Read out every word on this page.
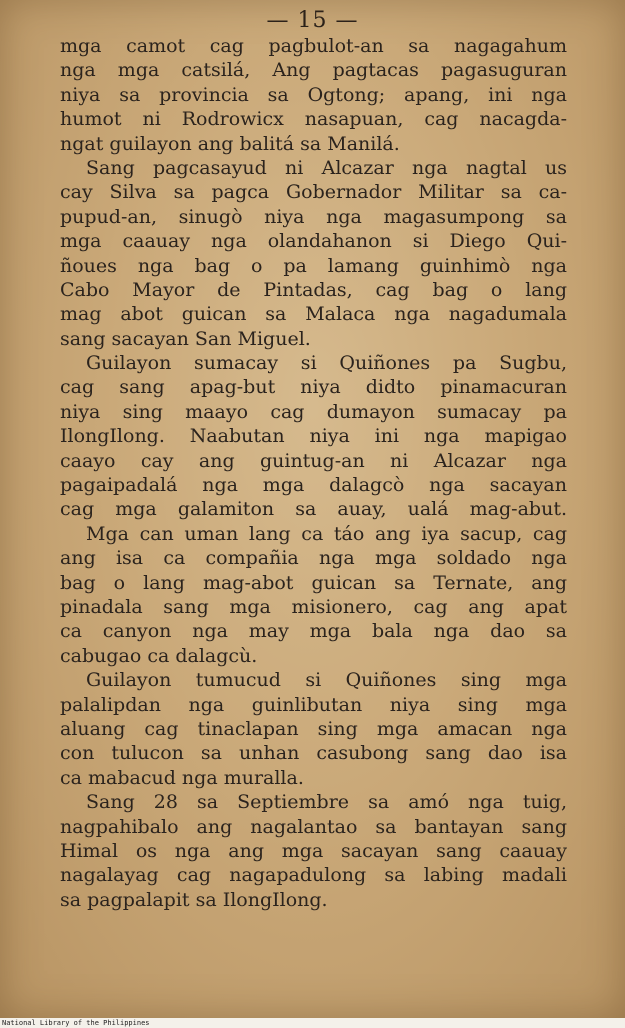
— 15 —
mga camot cag pagbulot-an sa nagagahum
nga mga catsilá, Ang pagtacas pagasuguran
niya sa provincia sa Ogtong; apang, ini nga
humot ni Rodrowicx nasapuan, cag nacagda-
ngat guilayon ang balitá sa Manilá.
Sang pagcasayud ni Alcazar nga nagtal us
cay Silva sa pagca Gobernador Militar sa ca-
pupud-an, sinugò niya nga magasumpong sa
mga caauay nga olandahanon si Diego Qui-
ñoues nga bag o pa lamang guinhimò nga
Cabo Mayor de Pintadas, cag bag o lang
mag abot guican sa Malaca nga nagadumala
sang sacayan San Miguel.
Guilayon sumacay si Quiñones pa Sugbu,
cag sang apag-but niya didto pinamacuran
niya sing maayo cag dumayon sumacay pa
IlongIlong. Naabutan niya ini nga mapigao
caayo cay ang guintug-an ni Alcazar nga
pagaipadalá nga mga dalagcò nga sacayan
cag mga galamiton sa auay, ualá mag-abut.
Mga can uman lang ca táo ang iya sacup, cag
ang isa ca compañia nga mga soldado nga
bag o lang mag-abot guican sa Ternate, ang
pinadala sang mga misionero, cag ang apat
ca canyon nga may mga bala nga dao sa
cabugao ca dalagcù.
Guilayon tumucud si Quiñones sing mga
palalipdan nga guinlibutan niya sing mga
aluang cag tinaclapan sing mga amacan nga
con tulucon sa unhan casubong sang dao isa
ca mabacud nga muralla.
Sang 28 sa Septiembre sa amó nga tuig,
nagpahibalo ang nagalantao sa bantayan sang
Himal os nga ang mga sacayan sang caauay
nagalayag cag nagapadulong sa labing madali
sa pagpalapit sa IlongIlong.
National Library of the Philippines
